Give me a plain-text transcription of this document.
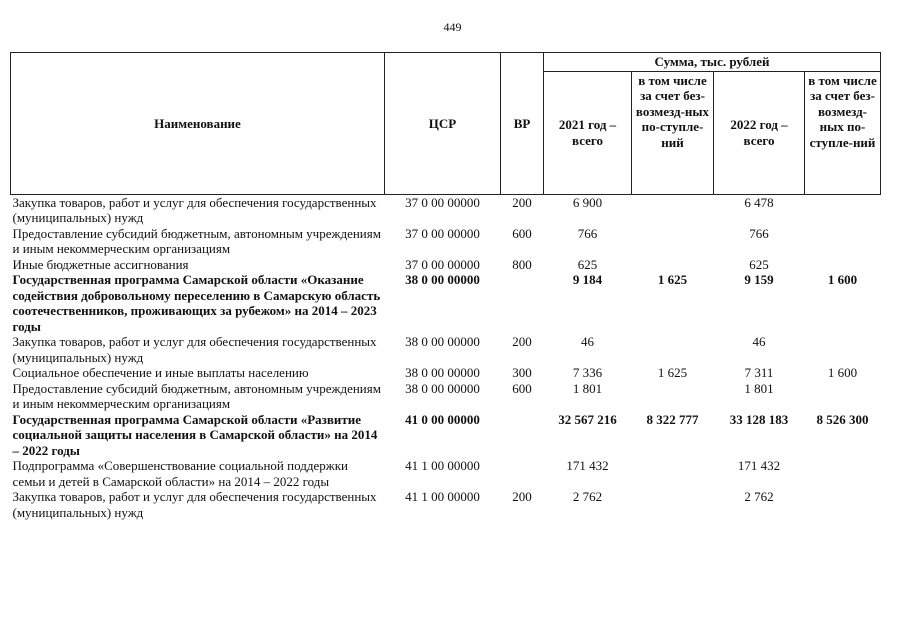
449
Наименование	ЦСР	ВР	Сумма, тыс. рублей			
			2021 год – всего	в том числе за счет без-возмезд-ных по-ступле-ний	2022 год – всего	в том числе за счет без-возмезд-ных по-ступле-ний
Закупка товаров, работ и услуг для обеспечения государственных (муниципальных) нужд	37 0 00 00000	200	6 900		6 478	
Предоставление субсидий бюджетным, автономным учреждениям и иным некоммерческим организациям	37 0 00 00000	600	766		766	
Иные бюджетные ассигнования	37 0 00 00000	800	625		625	
Государственная программа Самарской области «Оказание содействия добровольному переселению в Самарскую область соотечественников, проживающих за рубежом» на 2014 – 2023 годы	38 0 00 00000		9 184	1 625	9 159	1 600
Закупка товаров, работ и услуг для обеспечения государственных (муниципальных) нужд	38 0 00 00000	200	46		46	
Социальное обеспечение и иные выплаты населению	38 0 00 00000	300	7 336	1 625	7 311	1 600
Предоставление субсидий бюджетным, автономным учреждениям и иным некоммерческим организациям	38 0 00 00000	600	1 801		1 801	
Государственная программа Самарской области «Развитие социальной защиты населения в Самарской области» на 2014 – 2022 годы	41 0 00 00000		32 567 216	8 322 777	33 128 183	8 526 300
Подпрограмма «Совершенствование социальной поддержки семьи и детей в Самарской области» на 2014 – 2022 годы	41 1 00 00000		171 432		171 432	
Закупка товаров, работ и услуг для обеспечения государственных (муниципальных) нужд	41 1 00 00000	200	2 762		2 762	
